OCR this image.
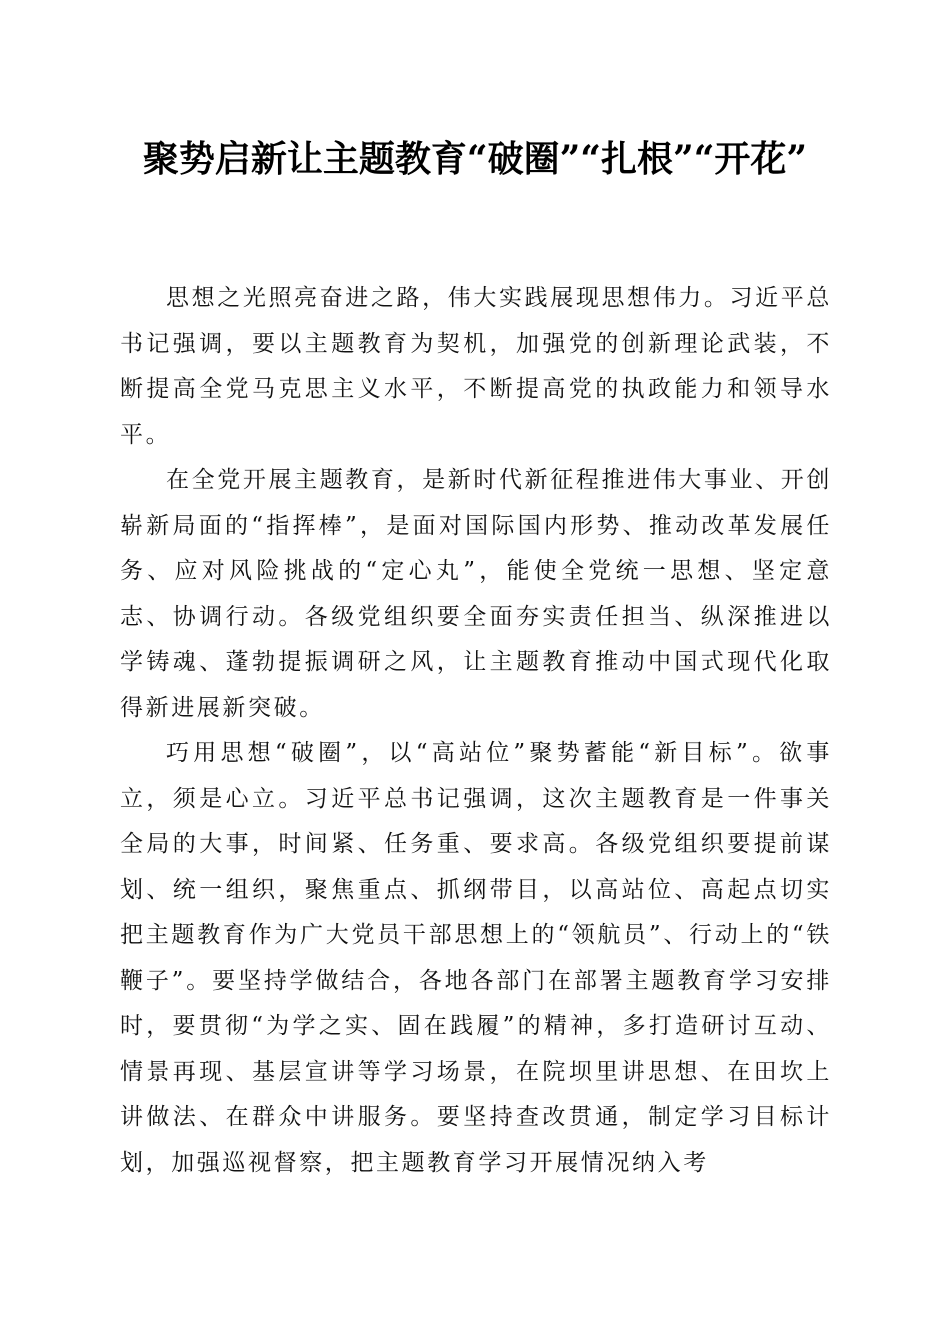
聚势启新让主题教育“破圈”“扎根”“开花”

思想之光照亮奋进之路，伟大实践展现思想伟力。习近平总书记强调，要以主题教育为契机，加强党的创新理论武装，不断提高全党马克思主义水平，不断提高党的执政能力和领导水平。

在全党开展主题教育，是新时代新征程推进伟大事业、开创崭新局面的“指挥棒”，是面对国际国内形势、推动改革发展任务、应对风险挑战的“定心丸”，能使全党统一思想、坚定意志、协调行动。各级党组织要全面夯实责任担当、纵深推进以学铸魂、蓬勃提振调研之风，让主题教育推动中国式现代化取得新进展新突破。

巧用思想“破圈”，以“高站位”聚势蓄能“新目标”。欲事立，须是心立。习近平总书记强调，这次主题教育是一件事关全局的大事，时间紧、任务重、要求高。各级党组织要提前谋划、统一组织，聚焦重点、抓纲带目，以高站位、高起点切实把主题教育作为广大党员干部思想上的“领航员”、行动上的“铁鞭子”。要坚持学做结合，各地各部门在部署主题教育学习安排时，要贯彻“为学之实、固在践履”的精神，多打造研讨互动、情景再现、基层宣讲等学习场景，在院坝里讲思想、在田坎上讲做法、在群众中讲服务。要坚持查改贯通，制定学习目标计划，加强巡视督察，把主题教育学习开展情况纳入考
